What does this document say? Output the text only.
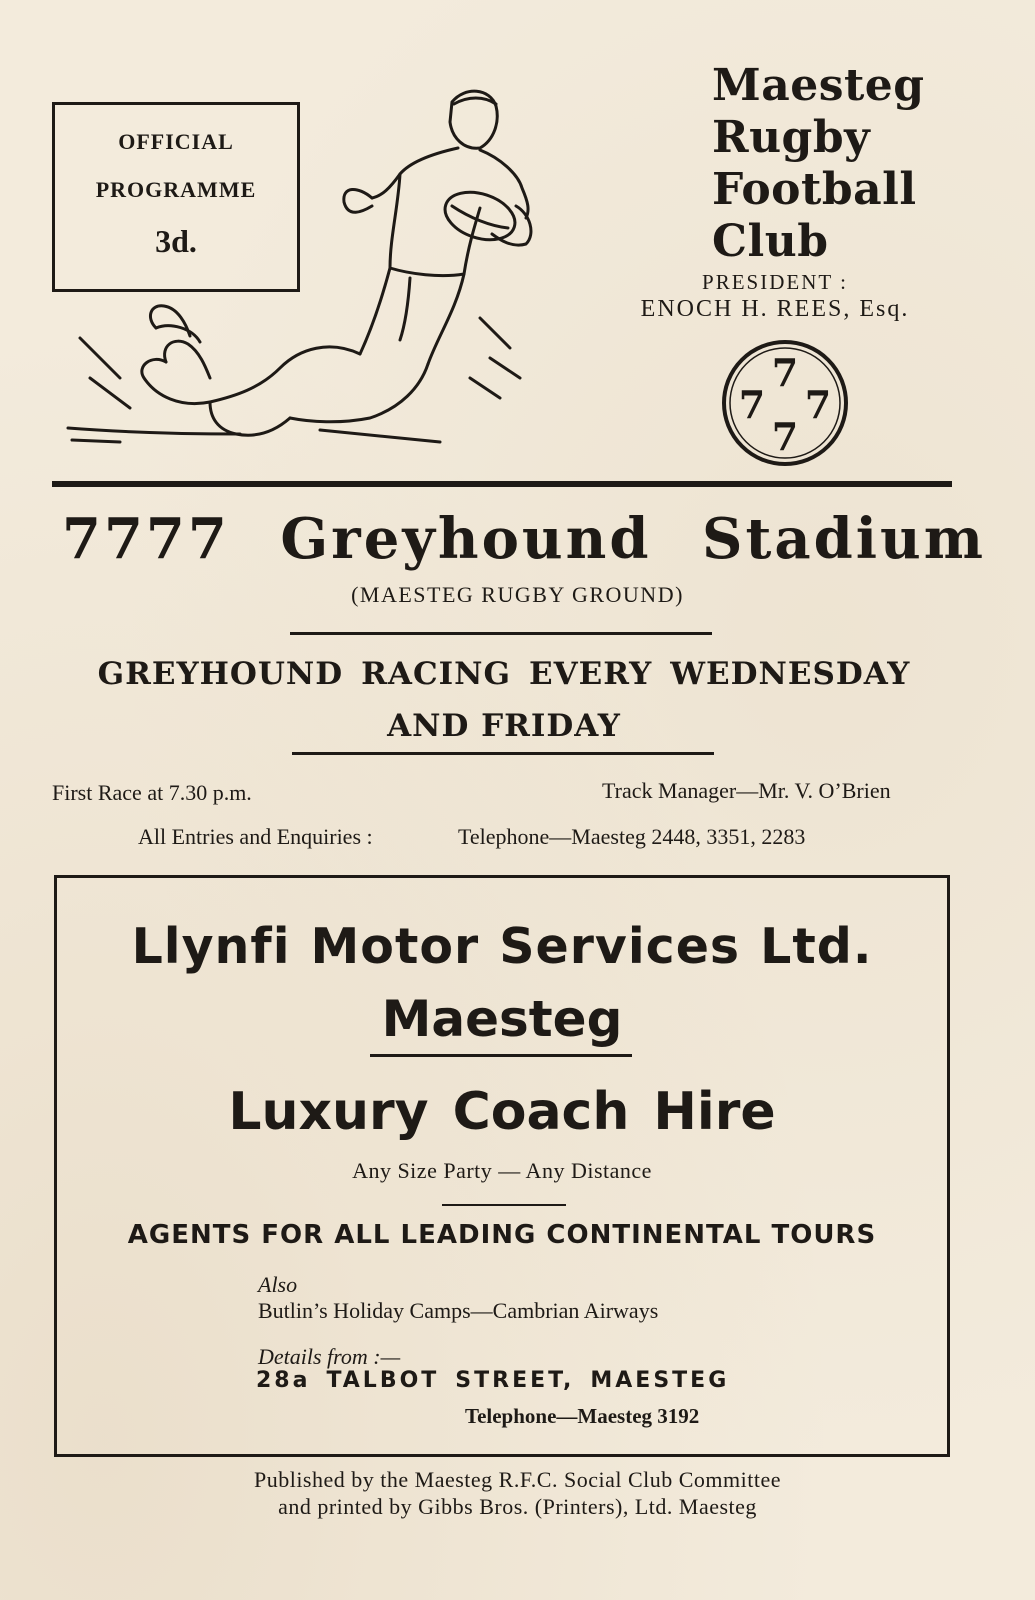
OFFICIAL
PROGRAMME
3d.
Maesteg
Rugby
Football
Club
PRESIDENT :
ENOCH H. REES, Esq.
7
7 7
7
7777 Greyhound Stadium
(MAESTEG RUGBY GROUND)
GREYHOUND RACING EVERY WEDNESDAY
AND FRIDAY
First Race at 7.30 p.m.	Track Manager—Mr. V. O’Brien
All Entries and Enquiries :	Telephone—Maesteg 2448, 3351, 2283
Llynfi Motor Services Ltd.
Maesteg
Luxury Coach Hire
Any Size Party — Any Distance
AGENTS FOR ALL LEADING CONTINENTAL TOURS
Also
Butlin’s Holiday Camps—Cambrian Airways
Details from :—
28a TALBOT STREET, MAESTEG
Telephone—Maesteg 3192
Published by the Maesteg R.F.C. Social Club Committee
and printed by Gibbs Bros. (Printers), Ltd. Maesteg
